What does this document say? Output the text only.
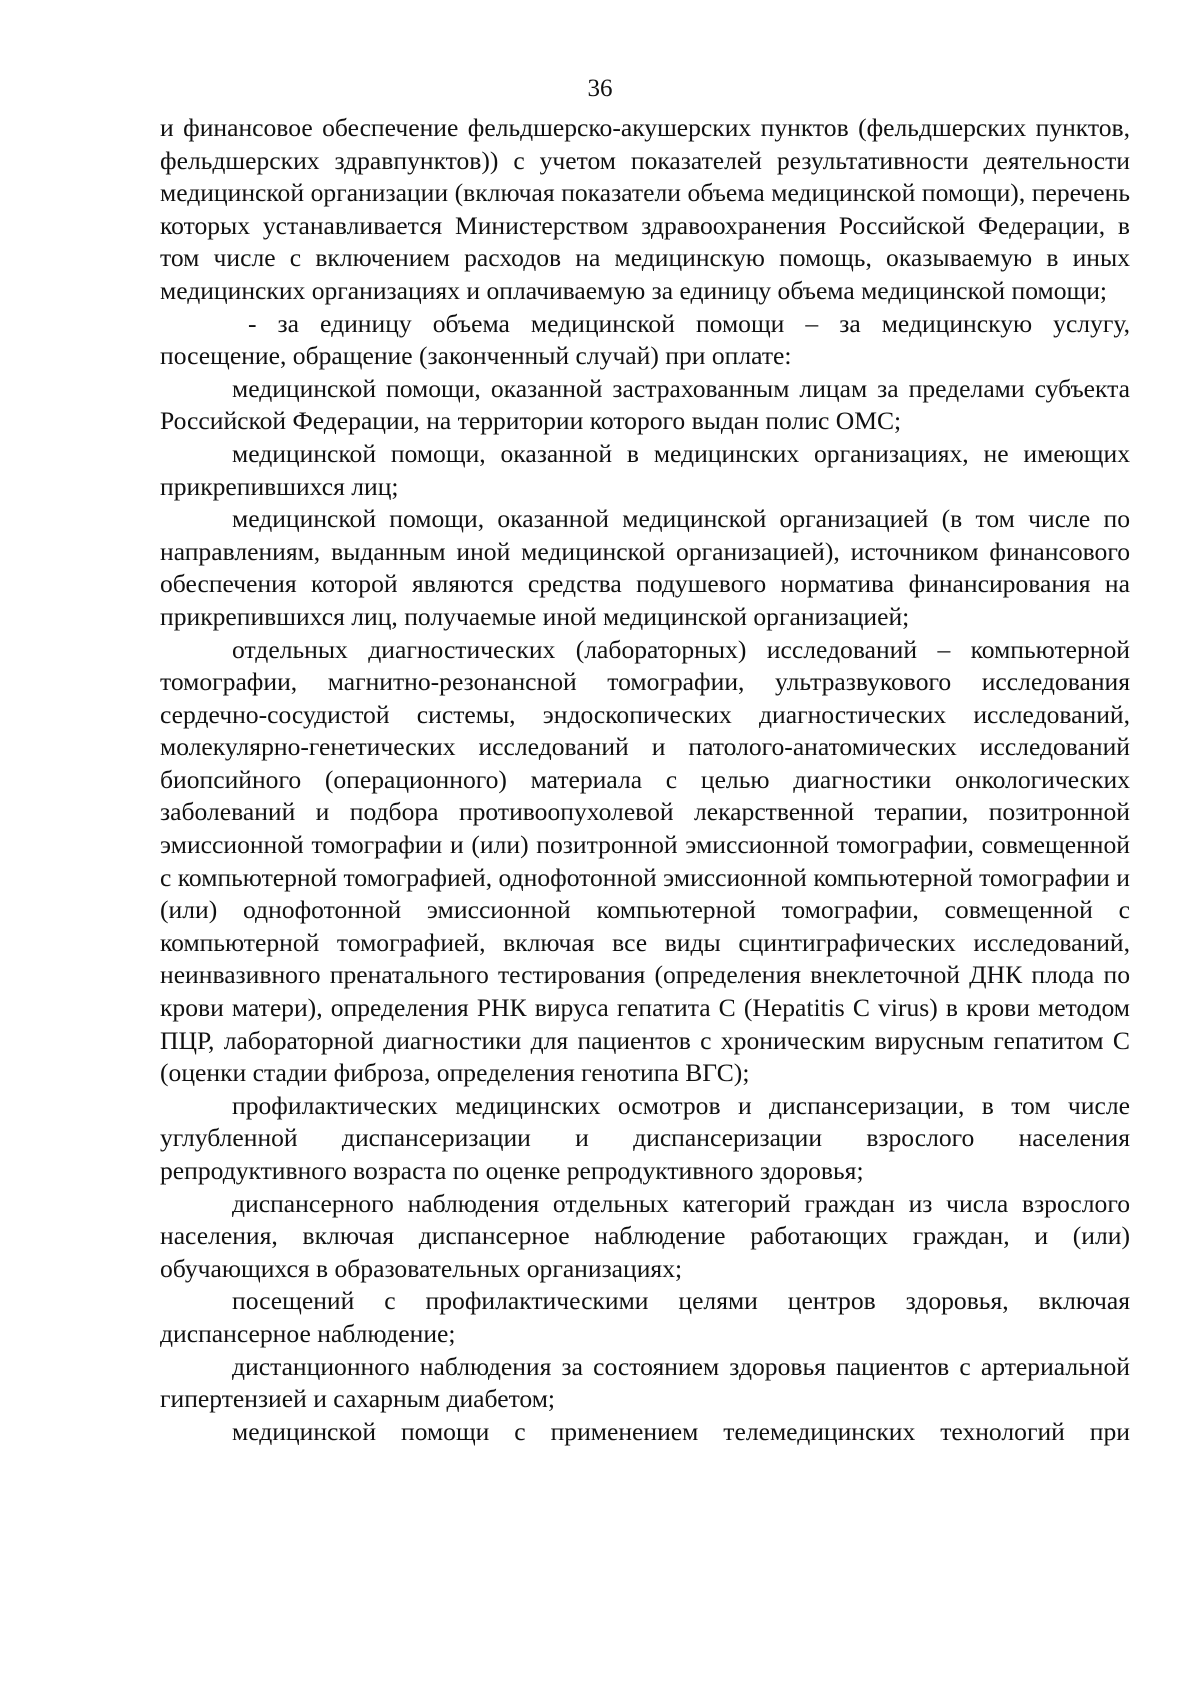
36

и финансовое обеспечение фельдшерско-акушерских пунктов (фельдшерских пунктов, фельдшерских здравпунктов)) с учетом показателей результативности деятельности медицинской организации (включая показатели объема медицинской помощи), перечень которых устанавливается Министерством здравоохранения Российской Федерации, в том числе с включением расходов на медицинскую помощь, оказываемую в иных медицинских организациях и оплачиваемую за единицу объема медицинской помощи;

- за единицу объема медицинской помощи – за медицинскую услугу, посещение, обращение (законченный случай) при оплате:

медицинской помощи, оказанной застрахованным лицам за пределами субъекта Российской Федерации, на территории которого выдан полис ОМС;

медицинской помощи, оказанной в медицинских организациях, не имеющих прикрепившихся лиц;

медицинской помощи, оказанной медицинской организацией (в том числе по направлениям, выданным иной медицинской организацией), источником финансового обеспечения которой являются средства подушевого норматива финансирования на прикрепившихся лиц, получаемые иной медицинской организацией;

отдельных диагностических (лабораторных) исследований – компьютерной томографии, магнитно-резонансной томографии, ультразвукового исследования сердечно-сосудистой системы, эндоскопических диагностических исследований, молекулярно-генетических исследований и патолого-анатомических исследований биопсийного (операционного) материала с целью диагностики онкологических заболеваний и подбора противоопухолевой лекарственной терапии, позитронной эмиссионной томографии и (или) позитронной эмиссионной томографии, совмещенной с компьютерной томографией, однофотонной эмиссионной компьютерной томографии и (или) однофотонной эмиссионной компьютерной томографии, совмещенной с компьютерной томографией, включая все виды сцинтиграфических исследований, неинвазивного пренатального тестирования (определения внеклеточной ДНК плода по крови матери), определения РНК вируса гепатита С (Hepatitis C virus) в крови методом ПЦР, лабораторной диагностики для пациентов с хроническим вирусным гепатитом С (оценки стадии фиброза, определения генотипа ВГС);

профилактических медицинских осмотров и диспансеризации, в том числе углубленной диспансеризации и диспансеризации взрослого населения репродуктивного возраста по оценке репродуктивного здоровья;

диспансерного наблюдения отдельных категорий граждан из числа взрослого населения, включая диспансерное наблюдение работающих граждан, и (или) обучающихся в образовательных организациях;

посещений с профилактическими целями центров здоровья, включая диспансерное наблюдение;

дистанционного наблюдения за состоянием здоровья пациентов с артериальной гипертензией и сахарным диабетом;

медицинской помощи с применением телемедицинских технологий при
